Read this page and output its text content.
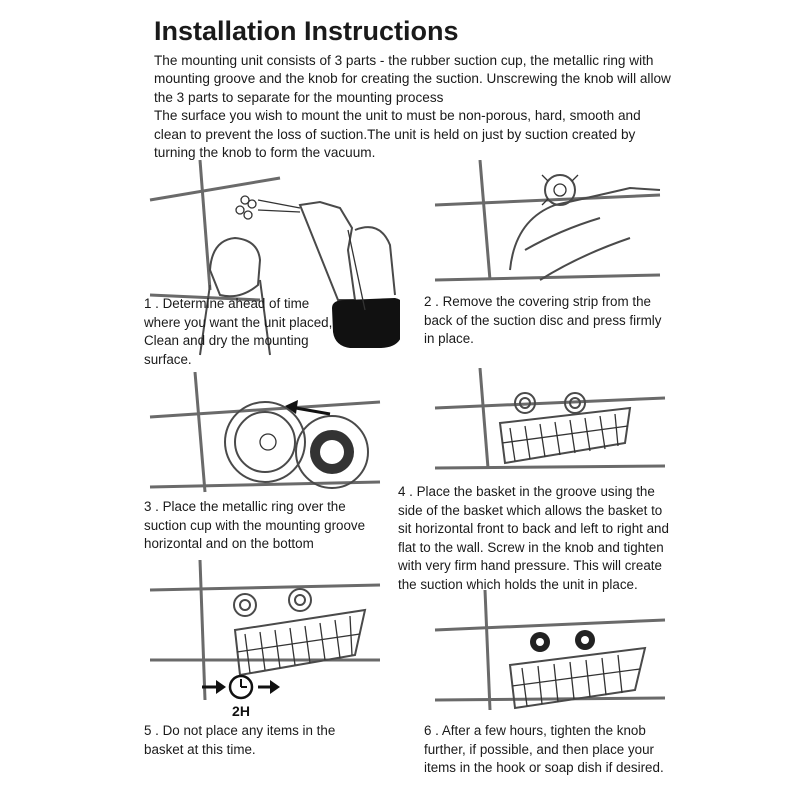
Installation Instructions

The mounting unit consists of 3 parts - the rubber suction cup, the metallic ring with

mounting groove and the knob for creating the suction. Unscrewing the knob will allow

the 3 parts to separate for the mounting process

The surface you wish to mount the unit to must be non-porous, hard, smooth and

clean to prevent the loss of suction.The unit is held on just by suction created by

turning the knob to form the vacuum.

2H

1 . Determine ahead of time

where you want the unit placed,

Clean and dry the mounting

surface.

2 . Remove the covering strip from the

back of the suction disc and press firmly

in place.

3 . Place the metallic ring over the

suction cup with the mounting groove

horizontal and on the bottom

4 . Place the basket in the groove using the

side of the basket which allows the basket to

sit horizontal front to back and left to right and

flat to the wall. Screw in the knob and tighten

with very firm hand pressure. This will create

the suction which holds the unit in place.

5 . Do not place any items in the

basket at this time.

6 . After a few hours, tighten the knob

further, if possible, and then place your

items in the hook or soap dish if desired.
